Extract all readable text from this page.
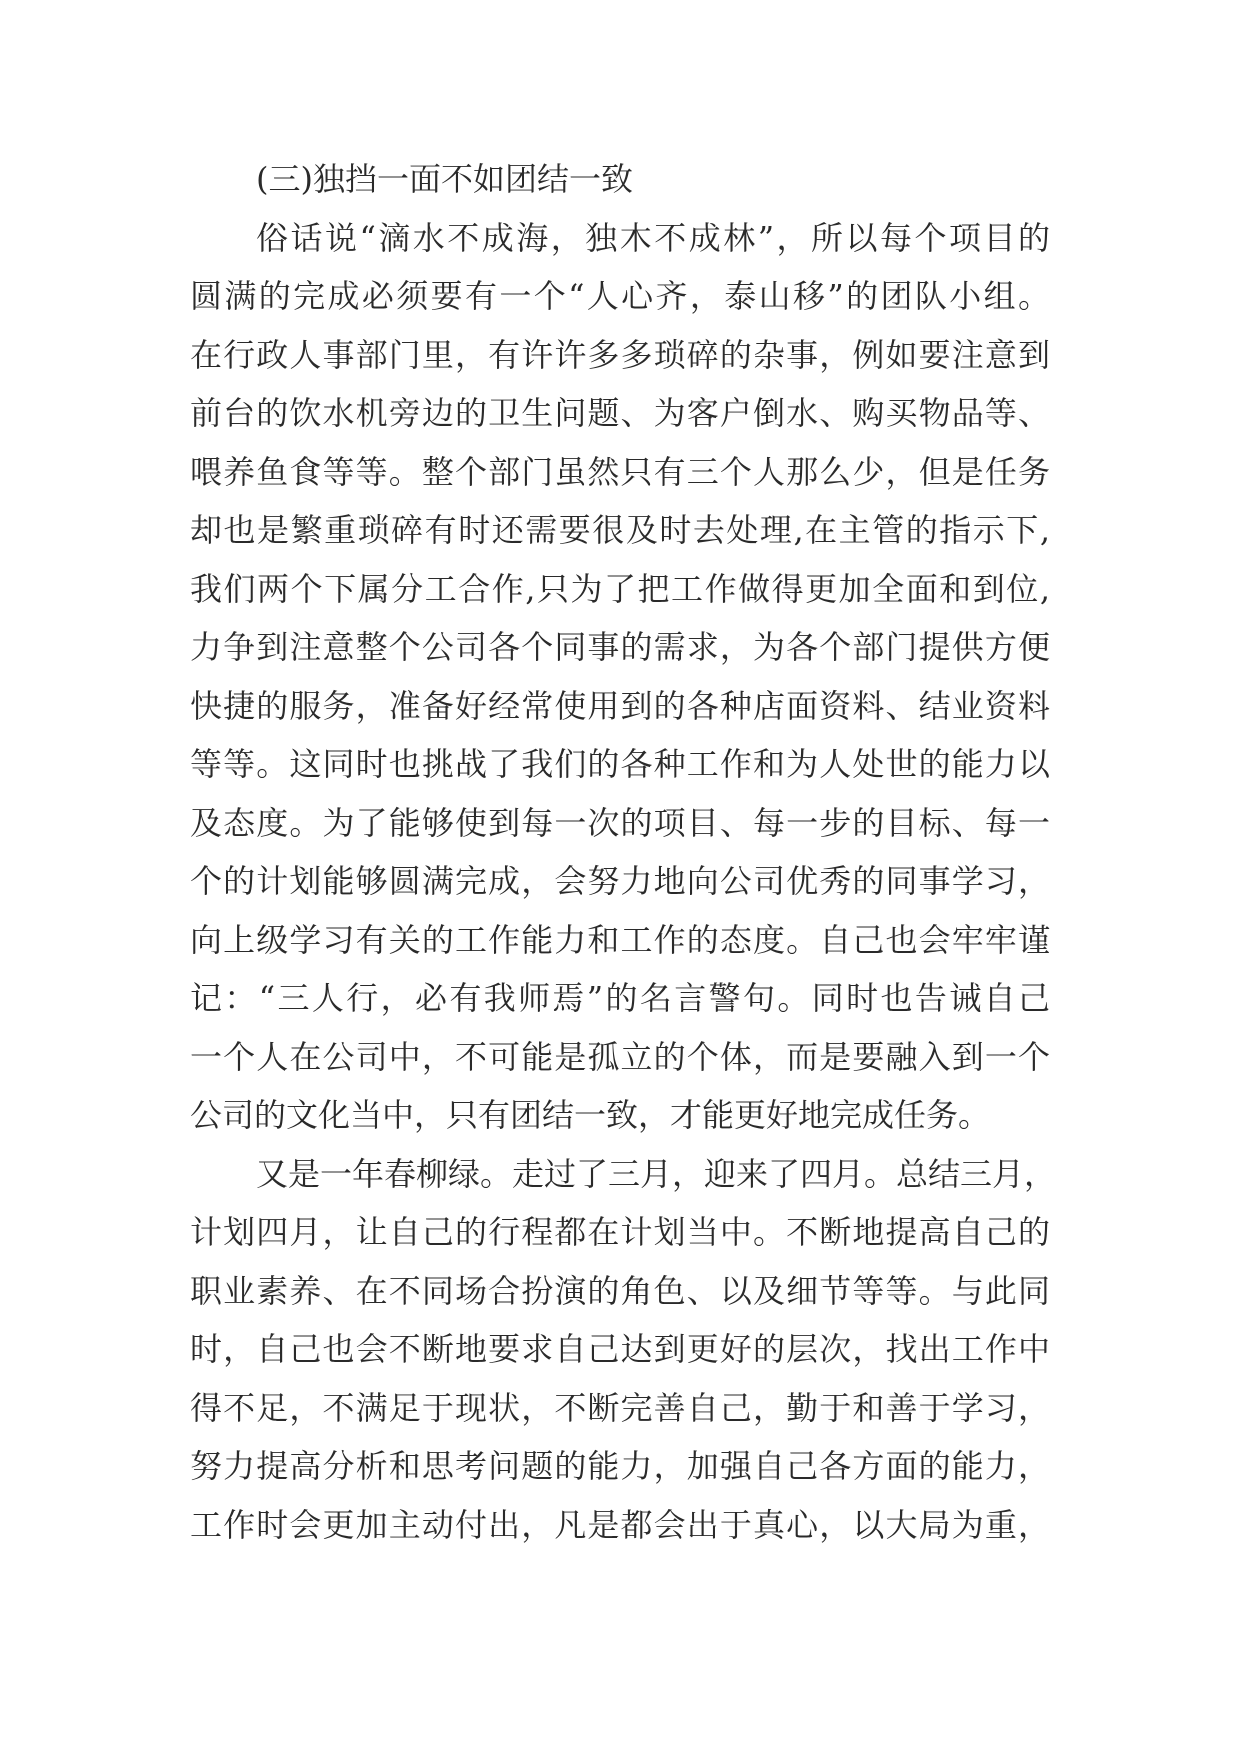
(三)独挡一面不如团结一致
俗话说“滴水不成海，独木不成林”，所以每个项目的
圆满的完成必须要有一个“人心齐，泰山移”的团队小组。
在行政人事部门里，有许许多多琐碎的杂事，例如要注意到
前台的饮水机旁边的卫生问题、为客户倒水、购买物品等、
喂养鱼食等等。整个部门虽然只有三个人那么少，但是任务
却也是繁重琐碎有时还需要很及时去处理,在主管的指示下,
我们两个下属分工合作,只为了把工作做得更加全面和到位,
力争到注意整个公司各个同事的需求，为各个部门提供方便
快捷的服务，准备好经常使用到的各种店面资料、结业资料
等等。这同时也挑战了我们的各种工作和为人处世的能力以
及态度。为了能够使到每一次的项目、每一步的目标、每一
个的计划能够圆满完成，会努力地向公司优秀的同事学习，
向上级学习有关的工作能力和工作的态度。自己也会牢牢谨
记：“三人行，必有我师焉”的名言警句。同时也告诫自己
一个人在公司中，不可能是孤立的个体，而是要融入到一个
公司的文化当中，只有团结一致，才能更好地完成任务。
又是一年春柳绿。走过了三月，迎来了四月。总结三月，
计划四月，让自己的行程都在计划当中。不断地提高自己的
职业素养、在不同场合扮演的角色、以及细节等等。与此同
时，自己也会不断地要求自己达到更好的层次，找出工作中
得不足，不满足于现状，不断完善自己，勤于和善于学习，
努力提高分析和思考问题的能力，加强自己各方面的能力，
工作时会更加主动付出，凡是都会出于真心，以大局为重，
